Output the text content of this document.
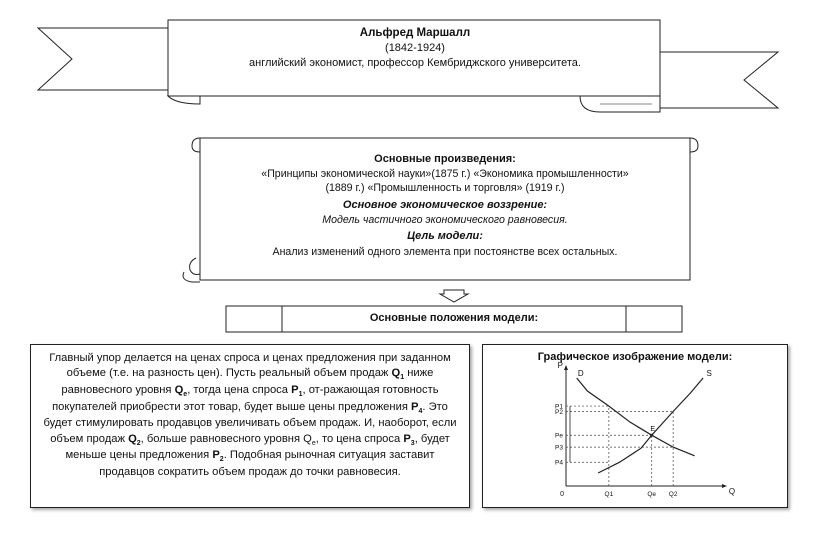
Альфред Маршалл
(1842-1924)
английский экономист, профессор Кембриджского университета.
Основные произведения:
«Принципы экономической науки»(1875 г.) «Экономика промышленности»
(1889 г.) «Промышленность и торговля» (1919 г.)
Основное экономическое воззрение:
Модель частичного экономического равновесия.
Цель модели:
Анализ изменений одного элемента при постоянстве всех остальных.
Основные положения модели:

Главный упор делается на ценах спроса и ценах предложения при заданном объеме (т.е. на разность цен). Пусть реальный объем продаж $Q_1$ ниже равновесного уровня $Q_e$, тогда цена спроса $P_1$, от-ражающая готовность покупателей приобрести этот товар, будет выше цены предложения $P_4$. Это будет стимулировать продавцов увеличивать объем продаж. И, наоборот, если объем продаж $Q_2$, больше равновесного уровня $Q_e$, то цена спроса $P_3$, будет меньше цены предложения $P_2$. Подобная рыночная ситуация заставит продавцов сократить объем продаж до точки равновесия.

Графическое изображение модели:
P
Q
0
D	S
E
Q1	Qe Q2
P1
P2
Pe
P3
P4
